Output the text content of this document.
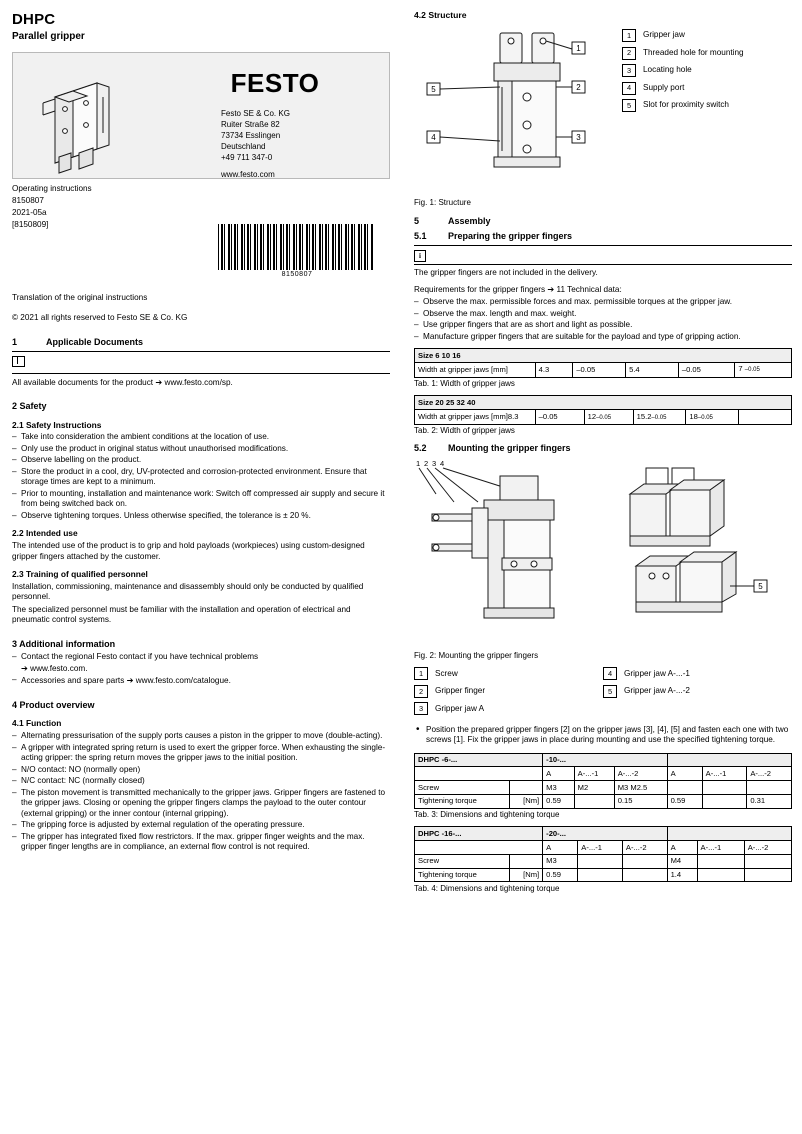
DHPC
Parallel gripper
FESTO
Festo SE & Co. KG
Ruiter Straße 82
73734 Esslingen
Deutschland
+49 711 347-0
www.festo.com
Operating instructions
8150807
2021-05a
[8150809]
8150807
Translation of the original instructions
© 2021 all rights reserved to Festo SE & Co. KG
1	Applicable Documents

All available documents for the product ➔ www.festo.com/sp.

2 Safety
2.1 Safety Instructions
– Take into consideration the ambient conditions at the location of use.
– Only use the product in original status without unauthorised modifications.
– Observe labelling on the product.
– Store the product in a cool, dry, UV-protected and corrosion-protected environment. Ensure that storage times are kept to a minimum.
– Prior to mounting, installation and maintenance work: Switch off compressed air supply and secure it from being switched back on.
– Observe tightening torques. Unless otherwise specified, the tolerance is ± 20 %.
2.2 Intended use

The intended use of the product is to grip and hold payloads (workpieces) using custom-designed gripper fingers attached by the customer.

2.3 Training of qualified personnel

Installation, commissioning, maintenance and disassembly should only be conducted by qualified personnel.

The specialized personnel must be familiar with the installation and operation of electrical and pneumatic control systems.

3 Additional information
– Contact the regional Festo contact if you have technical problems
➔ www.festo.com.
– Accessories and spare parts ➔ www.festo.com/catalogue.
4 Product overview
4.1 Function
– Alternating pressurisation of the supply ports causes a piston in the gripper to move (double-acting).
– A gripper with integrated spring return is used to exert the gripper force. When exhausting the single-acting gripper: the spring return moves the gripper jaws to the initial position.
– N/O contact: NO (normally open)
– N/C contact: NC (normally closed)
– The piston movement is transmitted mechanically to the gripper jaws. Gripper fingers are fastened to the gripper jaws. Closing or opening the gripper fingers clamps the payload to the outer contour (external gripping) or the inner contour (internal gripping).
– The gripping force is adjusted by external regulation of the operating pressure.
– The gripper has integrated fixed flow restrictors. If the max. gripper finger weights and the max. gripper finger lengths are in compliance, an external flow control is not required.
4.2 Structure
1
2
3
5
4
Fig. 1: Structure
1	Gripper jaw
2	Threaded hole for mounting
3	Locating hole
4	Supply port
5	Slot for proximity switch
5	Assembly
5.1	Preparing the gripper fingers
i

The gripper fingers are not included in the delivery.

Requirements for the gripper fingers ➔ 11 Technical data:

– Observe the max. permissible forces and max. permissible torques at the gripper jaw.
– Observe the max. length and max. weight.
– Use gripper fingers that are as short and light as possible.
– Manufacture gripper fingers that are suitable for the payload and type of gripping action.
Size 6 10 16
Width at gripper jaws [mm]	4.3	–0.05	5.4	–0.05	7 –0.05
Tab. 1: Width of gripper jaws
Size 20 25 32 40
Width at gripper jaws [mm]8.3	–0.05	12–0.05	15.2–0.05	18–0.05	
Tab. 2: Width of gripper jaws
5.2	Mounting the gripper fingers
1 2 3 4
5
Fig. 2: Mounting the gripper fingers
1	Screw
2	Gripper finger
3	Gripper jaw A
4	Gripper jaw A-...-1
5	Gripper jaw A-...-2
• Position the prepared gripper fingers [2] on the gripper jaws [3], [4], [5] and fasten each one with two screws [1]. Fix the gripper jaws in place during mounting and use the specified tightening torque.
DHPC -6-...		-10-...					
		A	A-...-1	A-...-2	A	A-...-1	A-...-2
Screw		M3	M2	M3 M2.5			
Tightening torque	[Nm]	0.59		0.15	0.59		0.31
Tab. 3: Dimensions and tightening torque
DHPC -16-...		-20-...					
		A	A-...-1	A-...-2	A	A-...-1	A-...-2
Screw		M3			M4		
Tightening torque	[Nm]	0.59			1.4		
Tab. 4: Dimensions and tightening torque
